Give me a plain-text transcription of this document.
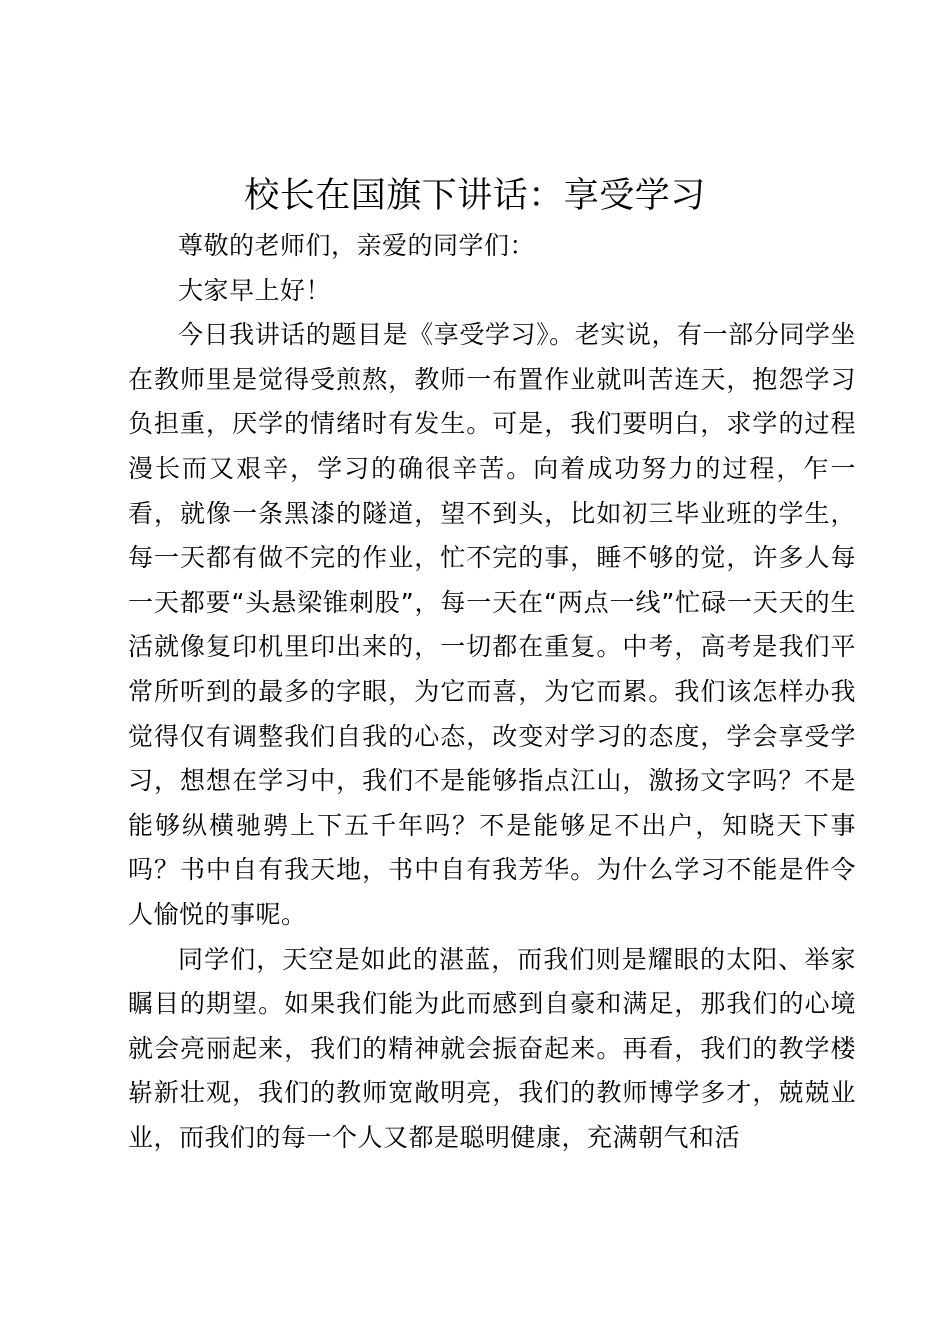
校长在国旗下讲话：享受学习

尊敬的老师们，亲爱的同学们：

大家早上好！

今日我讲话的题目是《享受学习》。老实说，有一部分同学坐在教师里是觉得受煎熬，教师一布置作业就叫苦连天，抱怨学习负担重，厌学的情绪时有发生。可是，我们要明白，求学的过程漫长而又艰辛，学习的确很辛苦。向着成功努力的过程，乍一看，就像一条黑漆的隧道，望不到头，比如初三毕业班的学生，每一天都有做不完的作业，忙不完的事，睡不够的觉，许多人每一天都要“头悬梁锥刺股”，每一天在“两点一线”忙碌一天天的生活就像复印机里印出来的，一切都在重复。中考，高考是我们平常所听到的最多的字眼，为它而喜，为它而累。我们该怎样办我觉得仅有调整我们自我的心态，改变对学习的态度，学会享受学习，想想在学习中，我们不是能够指点江山，激扬文字吗？不是能够纵横驰骋上下五千年吗？不是能够足不出户，知晓天下事吗？书中自有我天地，书中自有我芳华。为什么学习不能是件令人愉悦的事呢。

同学们，天空是如此的湛蓝，而我们则是耀眼的太阳、举家瞩目的期望。如果我们能为此而感到自豪和满足，那我们的心境就会亮丽起来，我们的精神就会振奋起来。再看，我们的教学楼崭新壮观，我们的教师宽敞明亮，我们的教师博学多才，兢兢业业，而我们的每一个人又都是聪明健康，充满朝气和活
